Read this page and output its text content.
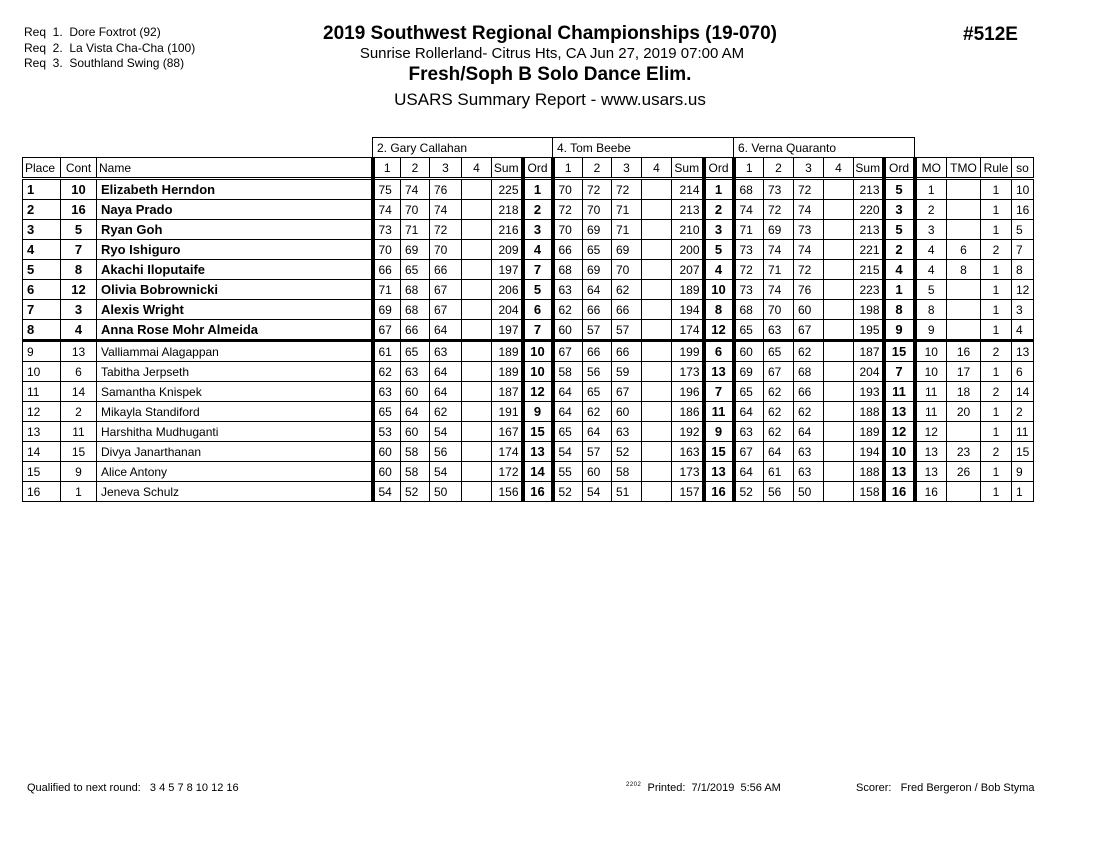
Req  1.  Dore Foxtrot (92)
Req  2.  La Vista Cha-Cha (100)
Req  3.  Southland Swing (88)
2019 Southwest Regional Championships (19-070)
Sunrise Rollerland- Citrus Hts, CA Jun 27, 2019 07:00 AM
Fresh/Soph B Solo Dance Elim.
USARS Summary Report - www.usars.us
#512E
			2. Gary Callahan						4. Tom Beebe						6. Verna Quaranto									
Place	Cont	Name	1	2	3	4	Sum	Ord	1	2	3	4	Sum	Ord	1	2	3	4	Sum	Ord	MO	TMO	Rule	so
1	10	Elizabeth Herndon	75	74	76		225	1	70	72	72		214	1	68	73	72		213	5	1		1	10
2	16	Naya Prado	74	70	74		218	2	72	70	71		213	2	74	72	74		220	3	2		1	16
3	5	Ryan Goh	73	71	72		216	3	70	69	71		210	3	71	69	73		213	5	3		1	5
4	7	Ryo Ishiguro	70	69	70		209	4	66	65	69		200	5	73	74	74		221	2	4	6	2	7
5	8	Akachi Iloputaife	66	65	66		197	7	68	69	70		207	4	72	71	72		215	4	4	8	1	8
6	12	Olivia Bobrownicki	71	68	67		206	5	63	64	62		189	10	73	74	76		223	1	5		1	12
7	3	Alexis Wright	69	68	67		204	6	62	66	66		194	8	68	70	60		198	8	8		1	3
8	4	Anna Rose Mohr Almeida	67	66	64		197	7	60	57	57		174	12	65	63	67		195	9	9		1	4
9	13	Valliammai Alagappan	61	65	63		189	10	67	66	66		199	6	60	65	62		187	15	10	16	2	13
10	6	Tabitha Jerpseth	62	63	64		189	10	58	56	59		173	13	69	67	68		204	7	10	17	1	6
11	14	Samantha Knispek	63	60	64		187	12	64	65	67		196	7	65	62	66		193	11	11	18	2	14
12	2	Mikayla Standiford	65	64	62		191	9	64	62	60		186	11	64	62	62		188	13	11	20	1	2
13	11	Harshitha Mudhuganti	53	60	54		167	15	65	64	63		192	9	63	62	64		189	12	12		1	11
14	15	Divya Janarthanan	60	58	56		174	13	54	57	52		163	15	67	64	63		194	10	13	23	2	15
15	9	Alice Antony	60	58	54		172	14	55	60	58		173	13	64	61	63		188	13	13	26	1	9
16	1	Jeneva Schulz	54	52	50		156	16	52	54	51		157	16	52	56	50		158	16	16		1	1
Qualified to next round: 3 4 5 7 8 10 12 16	$^{2202}$ Printed: 7/1/2019  5:56 AM	Scorer: Fred Bergeron / Bob Styma
